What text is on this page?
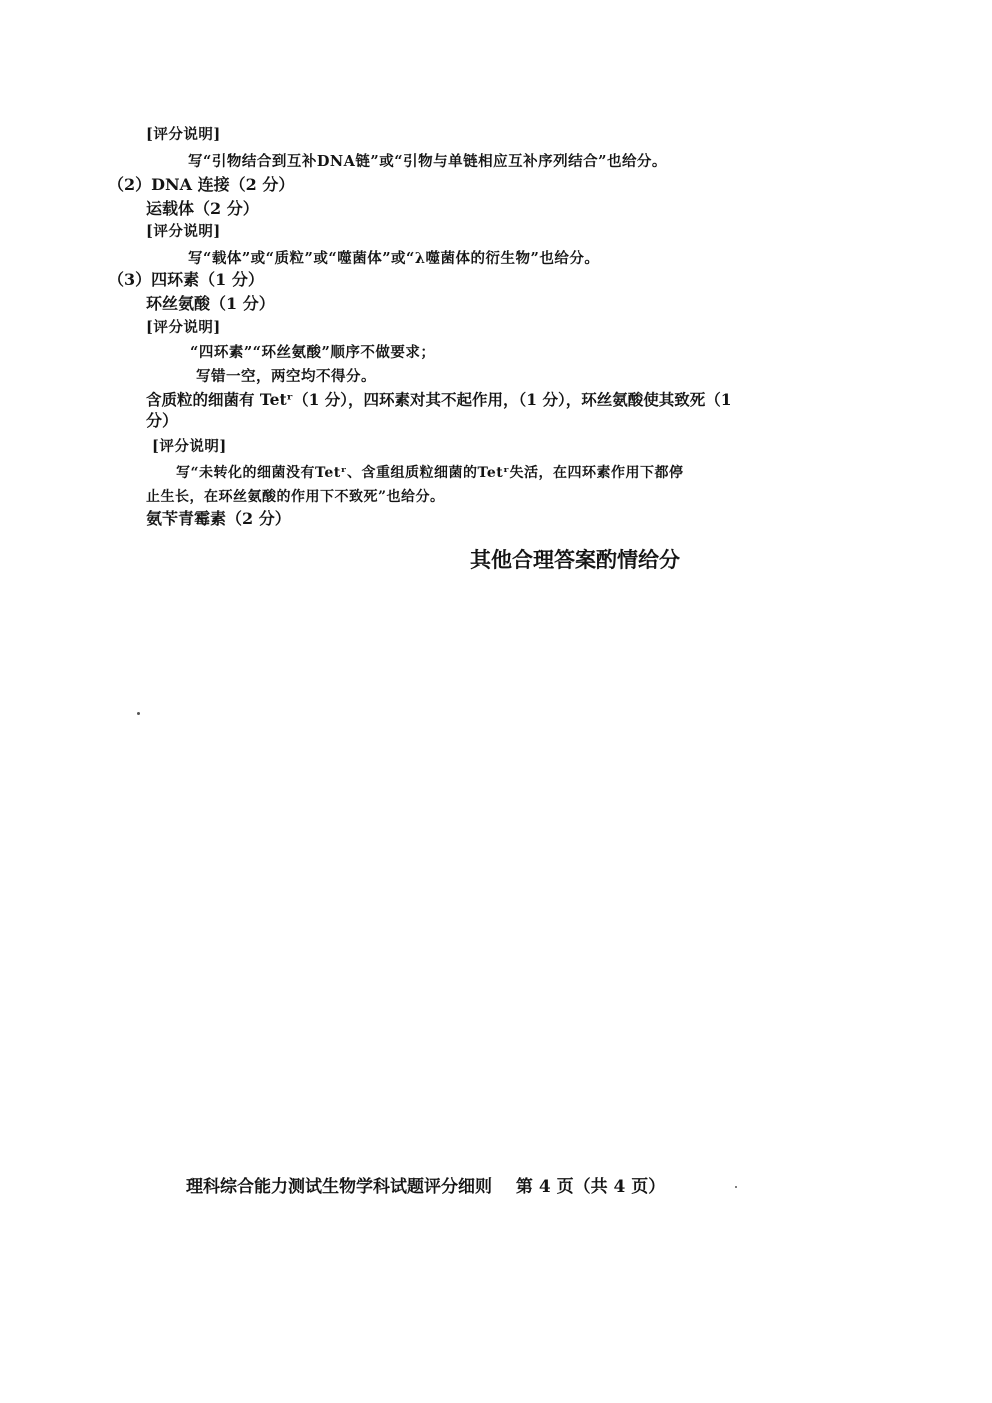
[评分说明]
写“引物结合到互补DNA链”或“引物与单链相应互补序列结合”也给分。
（2）DNA 连接（2 分）
运载体（2 分）
[评分说明]
写“载体”或“质粒”或“噬菌体”或“λ噬菌体的衍生物”也给分。
（3）四环素（1 分）
环丝氨酸（1 分）
[评分说明]
“四环素”“环丝氨酸”顺序不做要求；
写错一空，两空均不得分。
含质粒的细菌有 Tetʳ（1 分），四环素对其不起作用，（1 分），环丝氨酸使其致死（1
分）
[评分说明]
写“未转化的细菌没有Tetʳ、含重组质粒细菌的Tetʳ失活，在四环素作用下都停
止生长，在环丝氨酸的作用下不致死”也给分。
氨苄青霉素（2 分）
其他合理答案酌情给分
理科综合能力测试生物学科试题评分细则 第 4 页（共 4 页）
